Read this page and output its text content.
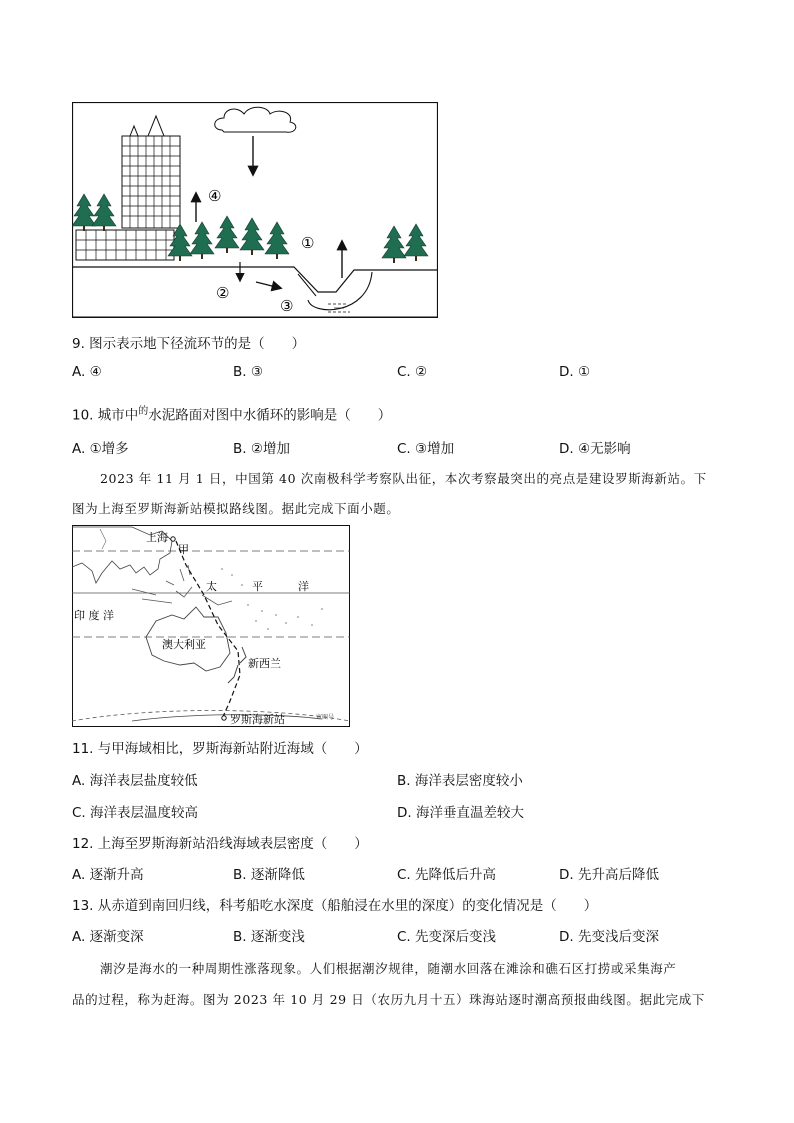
④
①
②
③
9. 图示表示地下径流环节的是（　　）
A. ④	B. ③	C. ②	D. ①
10. 城市中$^的$水泥路面对图中水循环的影响是（　　）
A. ①增多	B. ②增加	C. ③增加	D. ④无影响
2023 年 11 月 1 日，中国第 40 次南极科学考察队出征，本次考察最突出的亮点是建设罗斯海新站。下
图为上海至罗斯海新站模拟路线图。据此完成下面小题。
上海
甲
太	平	洋
印 度 洋
澳大利亚
新西兰
罗斯海新站	审图号
11. 与甲海域相比，罗斯海新站附近海域（　　）
A. 海洋表层盐度较低	B. 海洋表层密度较小
C. 海洋表层温度较高	D. 海洋垂直温差较大
12. 上海至罗斯海新站沿线海域表层密度（　　）
A. 逐渐升高	B. 逐渐降低	C. 先降低后升高	D. 先升高后降低
13. 从赤道到南回归线，科考船吃水深度（船舶浸在水里的深度）的变化情况是（　　）
A. 逐渐变深	B. 逐渐变浅	C. 先变深后变浅	D. 先变浅后变深
潮汐是海水的一种周期性涨落现象。人们根据潮汐规律，随潮水回落在滩涂和礁石区打捞或采集海产
品的过程，称为赶海。图为 2023 年 10 月 29 日（农历九月十五）珠海站逐时潮高预报曲线图。据此完成下
